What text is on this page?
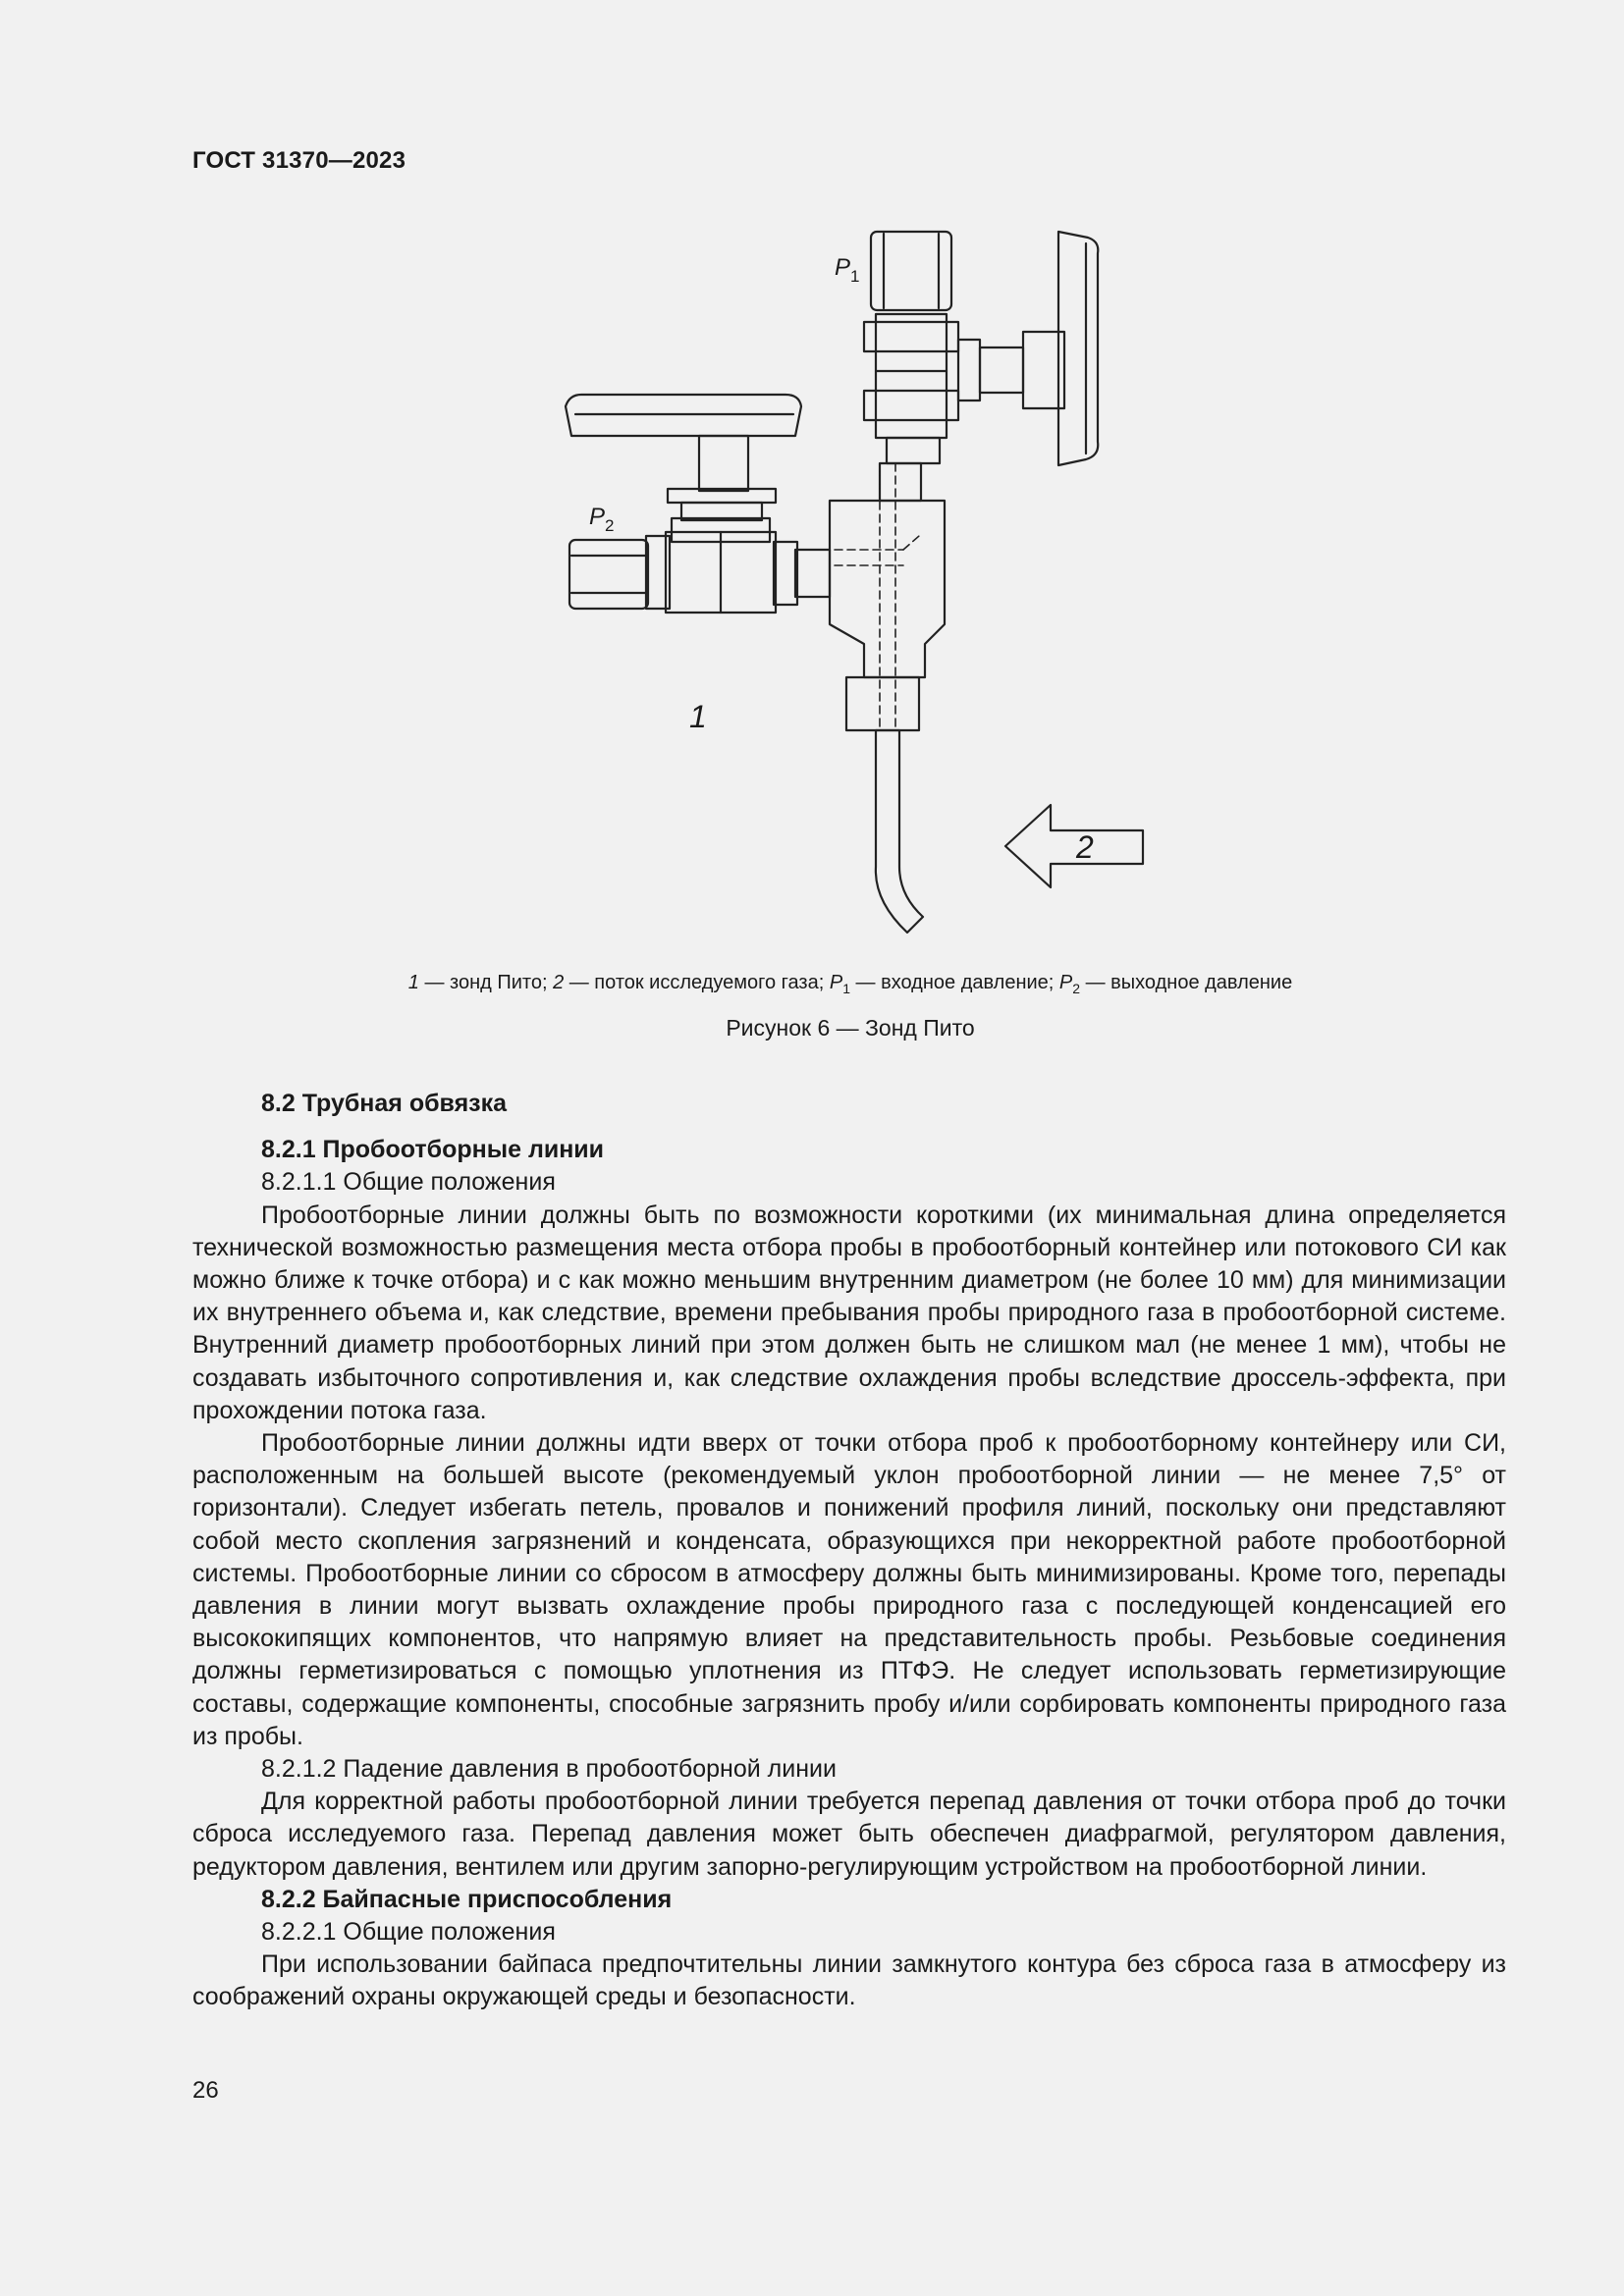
ГОСТ 31370—2023
$P_1$
$P_2$
1
2
1 — зонд Пито; 2 — поток исследуемого газа; $P_1$ — входное давление; $P_2$ — выходное давление
Рисунок 6 — Зонд Пито

8.2 Трубная обвязка

8.2.1 Пробоотборные линии

8.2.1.1 Общие положения

Пробоотборные линии должны быть по возможности короткими (их минимальная длина определяется технической возможностью размещения места отбора пробы в пробоотборный контейнер или потокового СИ как можно ближе к точке отбора) и с как можно меньшим внутренним диаметром (не более 10 мм) для минимизации их внутреннего объема и, как следствие, времени пребывания пробы природного газа в пробоотборной системе. Внутренний диаметр пробоотборных линий при этом должен быть не слишком мал (не менее 1 мм), чтобы не создавать избыточного сопротивления и, как следствие охлаждения пробы вследствие дроссель-эффекта, при прохождении потока газа.

Пробоотборные линии должны идти вверх от точки отбора проб к пробоотборному контейнеру или СИ, расположенным на большей высоте (рекомендуемый уклон пробоотборной линии — не менее 7,5° от горизонтали). Следует избегать петель, провалов и понижений профиля линий, поскольку они представляют собой место скопления загрязнений и конденсата, образующихся при некорректной работе пробоотборной системы. Пробоотборные линии со сбросом в атмосферу должны быть минимизированы. Кроме того, перепады давления в линии могут вызвать охлаждение пробы природного газа с последующей конденсацией его высококипящих компонентов, что напрямую влияет на представительность пробы. Резьбовые соединения должны герметизироваться с помощью уплотнения из ПТФЭ. Не следует использовать герметизирующие составы, содержащие компоненты, способные загрязнить пробу и/или сорбировать компоненты природного газа из пробы.

8.2.1.2 Падение давления в пробоотборной линии

Для корректной работы пробоотборной линии требуется перепад давления от точки отбора проб до точки сброса исследуемого газа. Перепад давления может быть обеспечен диафрагмой, регулятором давления, редуктором давления, вентилем или другим запорно-регулирующим устройством на пробоотборной линии.

8.2.2 Байпасные приспособления

8.2.2.1 Общие положения

При использовании байпаса предпочтительны линии замкнутого контура без сброса газа в атмосферу из соображений охраны окружающей среды и безопасности.

26
